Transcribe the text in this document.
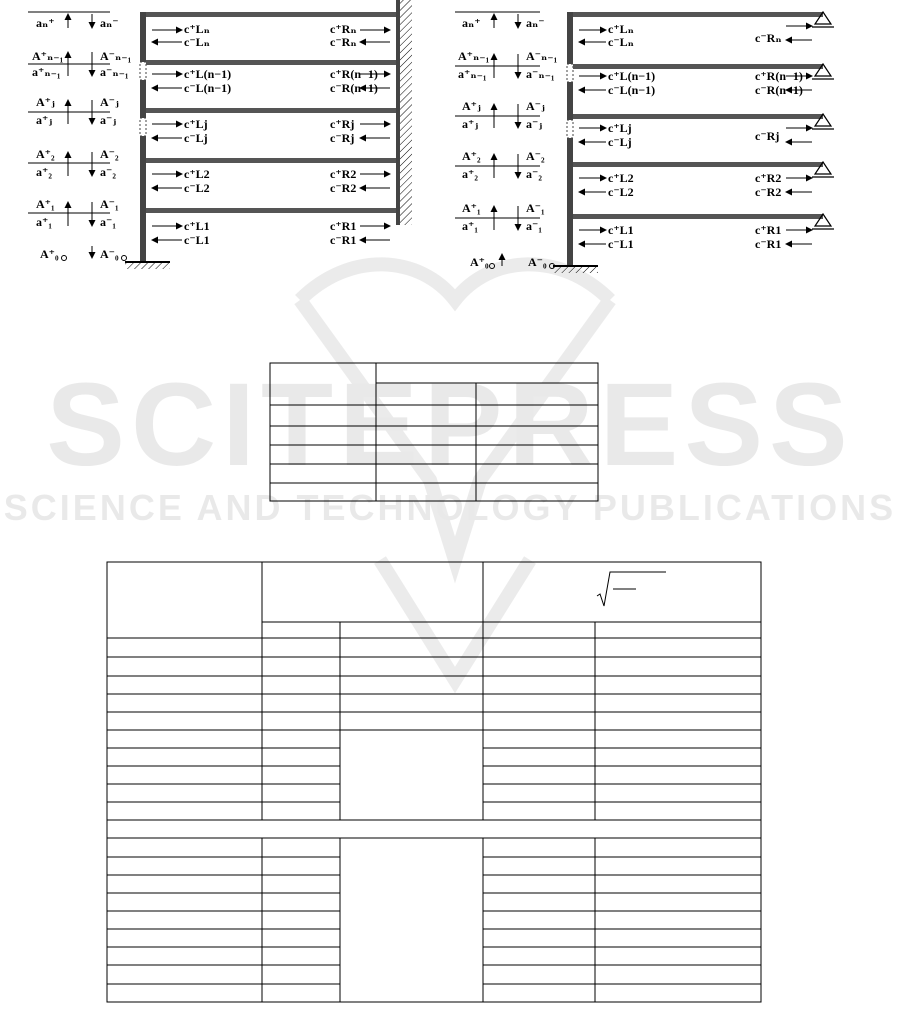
SCITEPRESS
SCIENCE AND TECHNOLOGY PUBLICATIONS
aₙ⁺	aₙ⁻	c⁺Lₙ
c⁻Lₙ
c⁺Rₙ
c⁻Rₙ
A⁺ₙ₋₁	A⁻ₙ₋₁
a⁺ₙ₋₁	a⁻ₙ₋₁	c⁺L(n−1)
c⁻L(n−1)
c⁺R(n−1)
c⁻R(n−1)
A⁺ⱼ	A⁻ⱼ
a⁺ⱼ	a⁻ⱼ	c⁺Lj
c⁻Lj
c⁺Rj
c⁻Rj
A⁺₂	A⁻₂
a⁺₂	a⁻₂	c⁺L2
c⁻L2
c⁺R2
c⁻R2
A⁺₁	A⁻₁
a⁺₁	a⁻₁	c⁺L1
c⁻L1
c⁺R1
c⁻R1
A⁺₀	A⁻₀
aₙ⁺	aₙ⁻	c⁺Lₙ
c⁻Lₙ	c⁻Rₙ
A⁺ₙ₋₁	A⁻ₙ₋₁
a⁺ₙ₋₁	a⁻ₙ₋₁	c⁺L(n−1)
c⁻L(n−1)
c⁺R(n−1)
c⁻R(n−1)
A⁺ⱼ	A⁻ⱼ
a⁺ⱼ	a⁻ⱼ	c⁺Lj
c⁻Lj	c⁻Rj
A⁺₂	A⁻₂
a⁺₂	a⁻₂	c⁺L2
c⁻L2
c⁺R2
c⁻R2
A⁺₁	A⁻₁
a⁺₁	a⁻₁	c⁺L1
c⁻L1
c⁺R1
c⁻R1
A⁺₀	A⁻₀
